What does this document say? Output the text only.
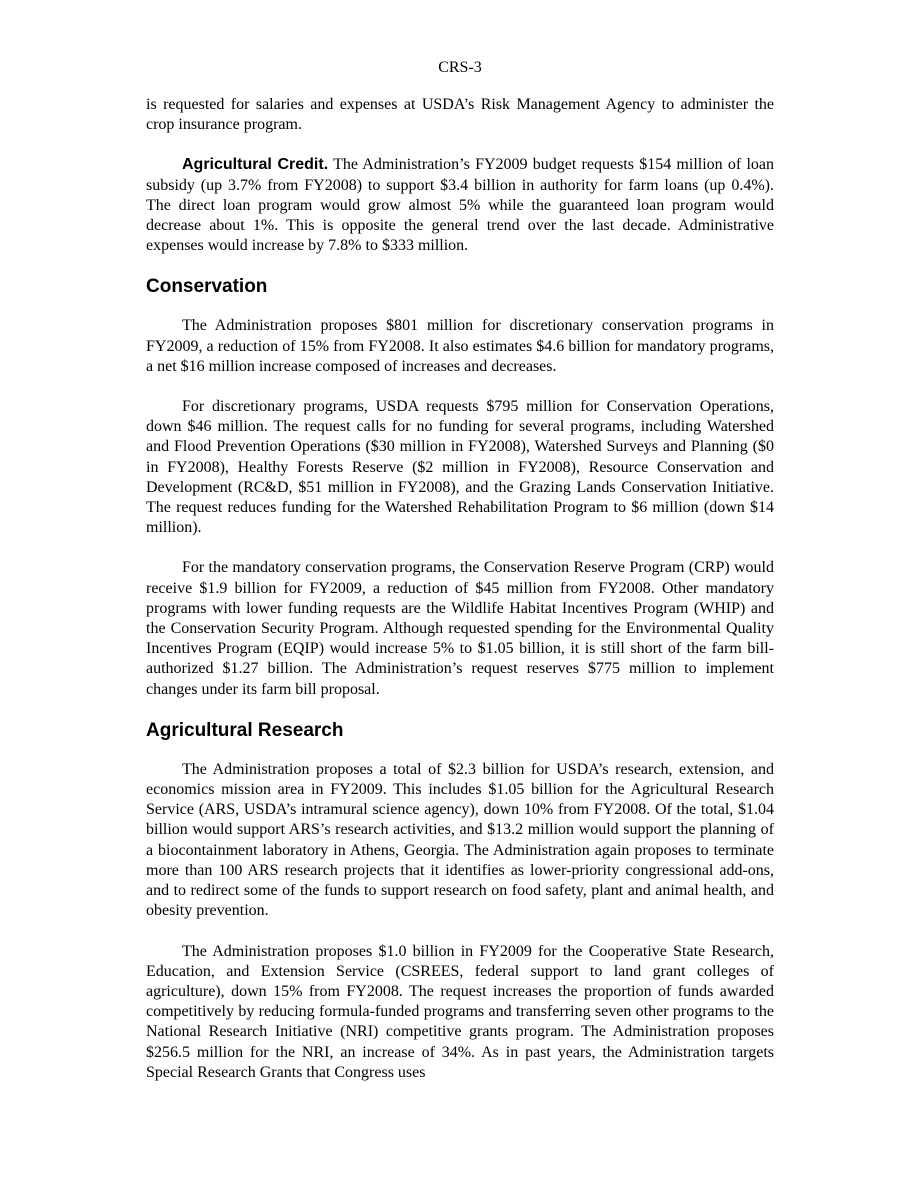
CRS-3

is requested for salaries and expenses at USDA’s Risk Management Agency to administer the crop insurance program.

Agricultural Credit. The Administration’s FY2009 budget requests $154 million of loan subsidy (up 3.7% from FY2008) to support $3.4 billion in authority for farm loans (up 0.4%). The direct loan program would grow almost 5% while the guaranteed loan program would decrease about 1%. This is opposite the general trend over the last decade. Administrative expenses would increase by 7.8% to $333 million.

Conservation

The Administration proposes $801 million for discretionary conservation programs in FY2009, a reduction of 15% from FY2008. It also estimates $4.6 billion for mandatory programs, a net $16 million increase composed of increases and decreases.

For discretionary programs, USDA requests $795 million for Conservation Operations, down $46 million. The request calls for no funding for several programs, including Watershed and Flood Prevention Operations ($30 million in FY2008), Watershed Surveys and Planning ($0 in FY2008), Healthy Forests Reserve ($2 million in FY2008), Resource Conservation and Development (RC&D, $51 million in FY2008), and the Grazing Lands Conservation Initiative. The request reduces funding for the Watershed Rehabilitation Program to $6 million (down $14 million).

For the mandatory conservation programs, the Conservation Reserve Program (CRP) would receive $1.9 billion for FY2009, a reduction of $45 million from FY2008. Other mandatory programs with lower funding requests are the Wildlife Habitat Incentives Program (WHIP) and the Conservation Security Program. Although requested spending for the Environmental Quality Incentives Program (EQIP) would increase 5% to $1.05 billion, it is still short of the farm bill-authorized $1.27 billion. The Administration’s request reserves $775 million to implement changes under its farm bill proposal.

Agricultural Research

The Administration proposes a total of $2.3 billion for USDA’s research, extension, and economics mission area in FY2009. This includes $1.05 billion for the Agricultural Research Service (ARS, USDA’s intramural science agency), down 10% from FY2008. Of the total, $1.04 billion would support ARS’s research activities, and $13.2 million would support the planning of a biocontainment laboratory in Athens, Georgia. The Administration again proposes to terminate more than 100 ARS research projects that it identifies as lower-priority congressional add-ons, and to redirect some of the funds to support research on food safety, plant and animal health, and obesity prevention.

The Administration proposes $1.0 billion in FY2009 for the Cooperative State Research, Education, and Extension Service (CSREES, federal support to land grant colleges of agriculture), down 15% from FY2008. The request increases the proportion of funds awarded competitively by reducing formula-funded programs and transferring seven other programs to the National Research Initiative (NRI) competitive grants program. The Administration proposes $256.5 million for the NRI, an increase of 34%. As in past years, the Administration targets Special Research Grants that Congress uses
